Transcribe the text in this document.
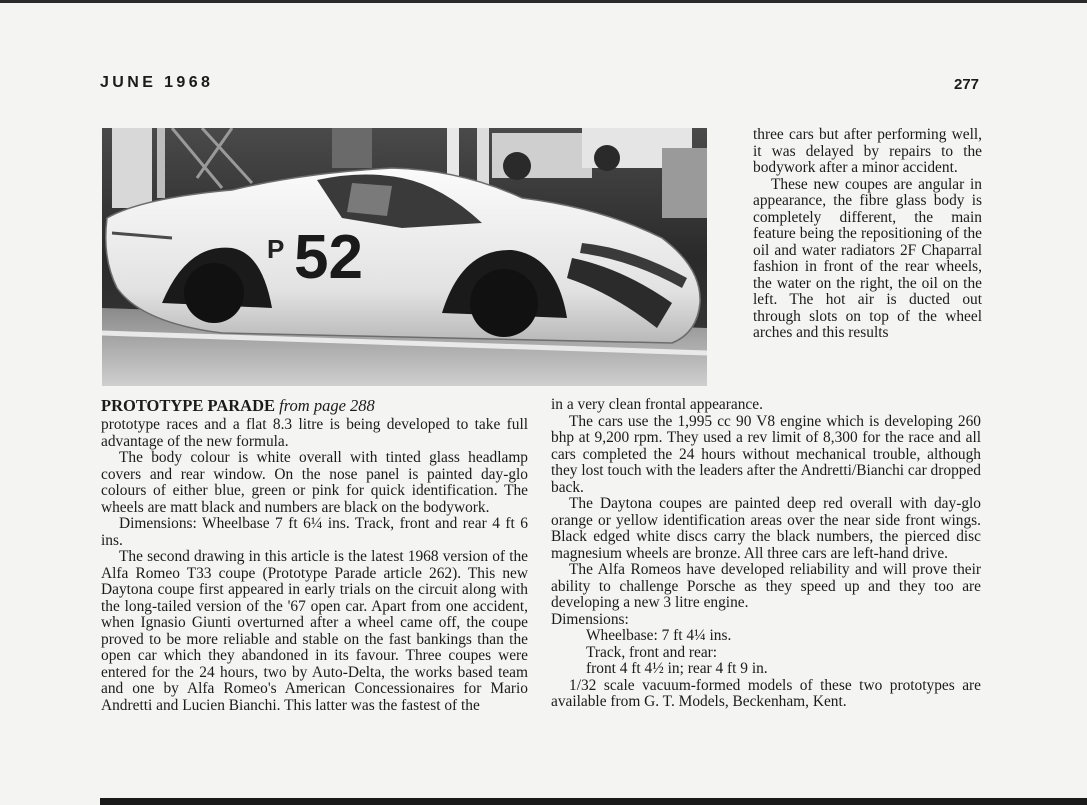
JUNE 1968	277
P 52

three cars but after performing well, it was delayed by repairs to the bodywork after a minor accident.

These new coupes are angular in appearance, the fibre glass body is completely different, the main feature being the repositioning of the oil and water radiators 2F Chaparral fashion in front of the rear wheels, the water on the right, the oil on the left. The hot air is ducted out through slots on top of the wheel arches and this results

PROTOTYPE PARADE from page 288

prototype races and a flat 8.3 litre is being developed to take full advantage of the new formula.

The body colour is white overall with tinted glass headlamp covers and rear window. On the nose panel is painted day-glo colours of either blue, green or pink for quick identification. The wheels are matt black and numbers are black on the bodywork.

Dimensions: Wheelbase 7 ft 6¼ ins. Track, front and rear 4 ft 6 ins.

The second drawing in this article is the latest 1968 version of the Alfa Romeo T33 coupe (Prototype Parade article 262). This new Daytona coupe first appeared in early trials on the circuit along with the long-tailed version of the '67 open car. Apart from one accident, when Ignasio Giunti overturned after a wheel came off, the coupe proved to be more reliable and stable on the fast bankings than the open car which they abandoned in its favour. Three coupes were entered for the 24 hours, two by Auto-Delta, the works based team and one by Alfa Romeo's American Concessionaires for Mario Andretti and Lucien Bianchi. This latter was the fastest of the

in a very clean frontal appearance.

The cars use the 1,995 cc 90 V8 engine which is developing 260 bhp at 9,200 rpm. They used a rev limit of 8,300 for the race and all cars completed the 24 hours without mechanical trouble, although they lost touch with the leaders after the Andretti/Bianchi car dropped back.

The Daytona coupes are painted deep red overall with day-glo orange or yellow identification areas over the near side front wings. Black edged white discs carry the black numbers, the pierced disc magnesium wheels are bronze. All three cars are left-hand drive.

The Alfa Romeos have developed reliability and will prove their ability to challenge Porsche as they speed up and they too are developing a new 3 litre engine.

Dimensions:

Wheelbase: 7 ft 4¼ ins.

Track, front and rear:

front 4 ft 4½ in; rear 4 ft 9 in.

1/32 scale vacuum-formed models of these two prototypes are available from G. T. Models, Beckenham, Kent.
